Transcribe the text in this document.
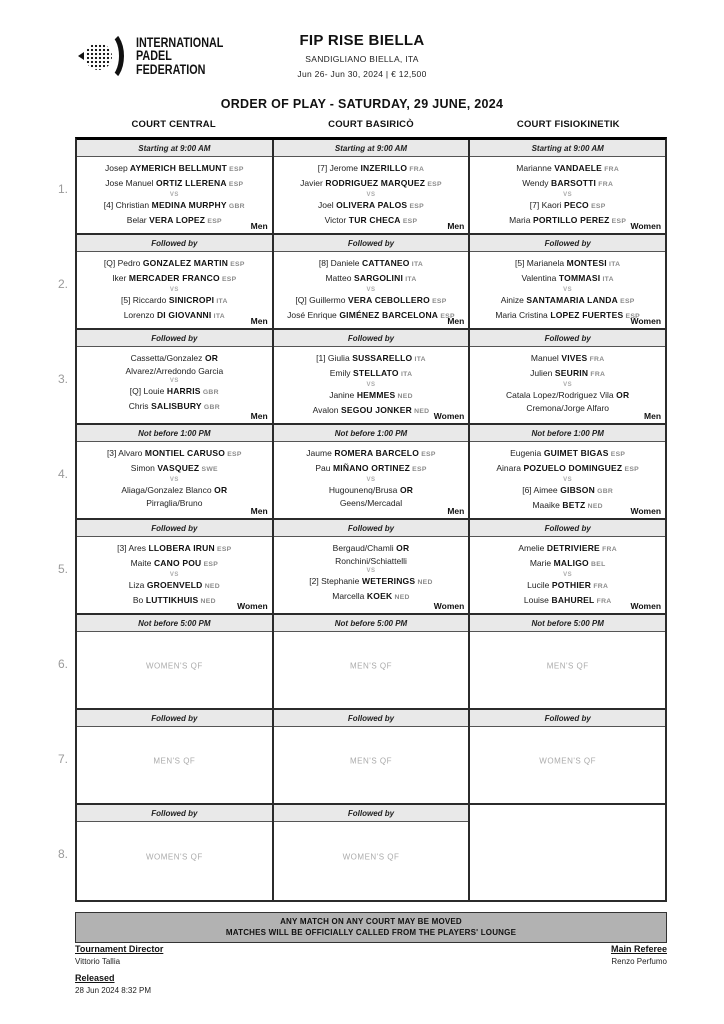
INTERNATIONAL
PADEL
FEDERATION
FIP RISE BIELLA
SANDIGLIANO BIELLA, ITA
Jun 26- Jun 30, 2024 | € 12,500
ORDER OF PLAY - SATURDAY, 29 JUNE, 2024
COURT CENTRAL	COURT BASIRICÒ	COURT FISIOKINETIK
1.
Starting at 9:00 AM
Josep AYMERICH BELLMUNT ESP
Jose Manuel ORTIZ LLERENA ESP
VS
[4] Christian MEDINA MURPHY GBR
Belar VERA LOPEZ ESP	Men
Starting at 9:00 AM
[7] Jerome INZERILLO FRA
Javier RODRIGUEZ MARQUEZ ESP
VS
Joel OLIVERA PALOS ESP
Victor TUR CHECA ESP	Men
Starting at 9:00 AM
Marianne VANDAELE FRA
Wendy BARSOTTI FRA
VS
[7] Kaori PECO ESP
Maria PORTILLO PEREZ ESP Women
2.
Followed by
[Q] Pedro GONZALEZ MARTIN ESP
Iker MERCADER FRANCO ESP
VS
[5] Riccardo SINICROPI ITA
Lorenzo DI GIOVANNI ITA	Men
Followed by
[8] Daniele CATTANEO ITA
Matteo SARGOLINI ITA
VS
[Q] Guillermo VERA CEBOLLERO ESP
José Enrique GIMÉNEZ BARCELONA ESP
Men
Followed by
[5] Marianela MONTESI ITA
Valentina TOMMASI ITA
VS
Ainize SANTAMARIA LANDA ESP
Maria Cristina LOPEZ FUERTES ESP
Women
3.
Followed by
Cassetta/Gonzalez OR
Alvarez/Arredondo Garcia
VS
[Q] Louie HARRIS GBR
Chris SALISBURY GBR
Men
Followed by
[1] Giulia SUSSARELLO ITA
Emily STELLATO ITA
VS
Janine HEMMES NED
Avalon SEGOU JONKER NED Women
Followed by
Manuel VIVES FRA
Julien SEURIN FRA
VS
Catala Lopez/Rodriguez Vila OR
Cremona/Jorge Alfaro
Men
4.
Not before 1:00 PM
[3] Alvaro MONTIEL CARUSO ESP
Simon VASQUEZ SWE
VS
Aliaga/Gonzalez Blanco OR
Pirraglia/Bruno
Men
Not before 1:00 PM
Jaume ROMERA BARCELO ESP
Pau MIÑANO ORTINEZ ESP
VS
Hugounenq/Brusa OR
Geens/Mercadal
Men
Not before 1:00 PM
Eugenia GUIMET BIGAS ESP
Ainara POZUELO DOMINGUEZ ESP
VS
[6] Aimee GIBSON GBR
Maaike BETZ NED	Women
5.
Followed by
[3] Ares LLOBERA IRUN ESP
Maite CANO POU ESP
VS
Liza GROENVELD NED
Bo LUTTIKHUIS NED	Women
Followed by
Bergaud/Chamli OR
Ronchini/Schiattelli
VS
[2] Stephanie WETERINGS NED
Marcella KOEK NED
Women
Followed by
Amelie DETRIVIERE FRA
Marie MALIGO BEL
VS
Lucile POTHIER FRA
Louise BAHUREL FRA	Women
6.
Not before 5:00 PM
WOMEN'S QF
Not before 5:00 PM
MEN'S QF
Not before 5:00 PM
MEN'S QF
7.
Followed by
MEN'S QF
Followed by
MEN'S QF
Followed by
WOMEN'S QF
8.
Followed by
WOMEN'S QF
Followed by
WOMEN'S QF
ANY MATCH ON ANY COURT MAY BE MOVED
MATCHES WILL BE OFFICIALLY CALLED FROM THE PLAYERS' LOUNGE
Tournament Director
Vittorio Tallia
Released
28 Jun 2024 8:32 PM
Main Referee
Renzo Perfumo
